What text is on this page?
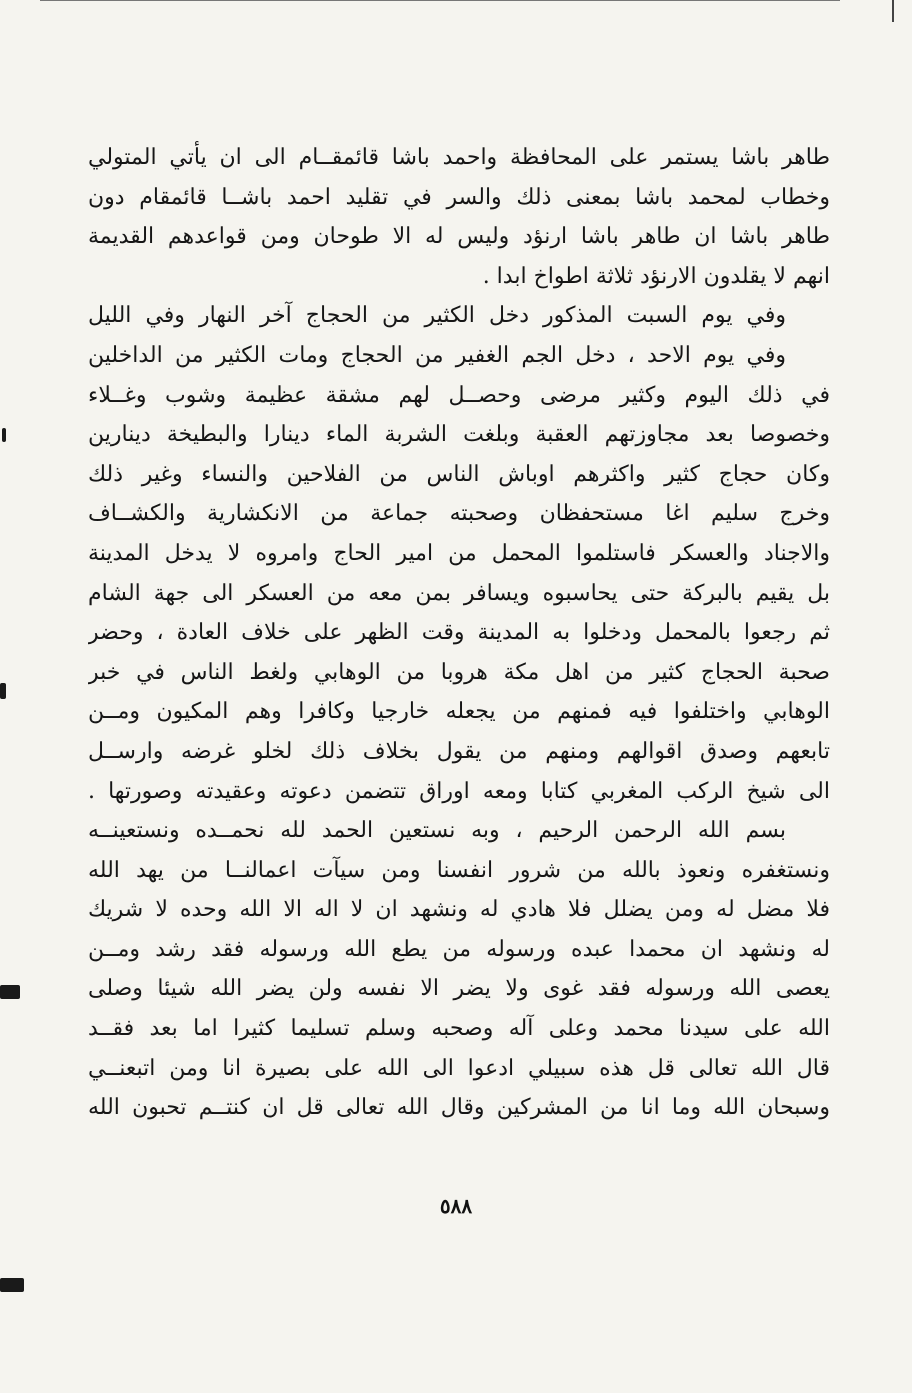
طاهر باشا يستمر على المحافظة واحمد باشا قائمقــام الى ان يأتي المتولي
وخطاب لمحمد باشا بمعنى ذلك والسر في تقليد احمد باشــا قائمقام دون
طاهر باشا ان طاهر باشا ارنؤد وليس له الا طوحان ومن قواعدهم القديمة
انهم لا يقلدون الارنؤد ثلاثة اطواخ ابدا .
وفي يوم السبت المذكور دخل الكثير من الحجاج آخر النهار وفي الليل
وفي يوم الاحد ، دخل الجم الغفير من الحجاج ومات الكثير من الداخلين
في ذلك اليوم وكثير مرضى وحصــل لهم مشقة عظيمة وشوب وغــلاء
وخصوصا بعد مجاوزتهم العقبة وبلغت الشربة الماء دينارا والبطيخة دينارين
وكان حجاج كثير واكثرهم اوباش الناس من الفلاحين والنساء وغير ذلك
وخرج سليم اغا مستحفظان وصحبته جماعة من الانكشارية والكشــاف
والاجناد والعسكر فاستلموا المحمل من امير الحاج وامروه لا يدخل المدينة
بل يقيم بالبركة حتى يحاسبوه ويسافر بمن معه من العسكر الى جهة الشام
ثم رجعوا بالمحمل ودخلوا به المدينة وقت الظهر على خلاف العادة ، وحضر
صحبة الحجاج كثير من اهل مكة هروبا من الوهابي ولغط الناس في خبر
الوهابي واختلفوا فيه فمنهم من يجعله خارجيا وكافرا وهم المكيون ومــن
تابعهم وصدق اقوالهم ومنهم من يقول بخلاف ذلك لخلو غرضه وارســل
الى شيخ الركب المغربي كتابا ومعه اوراق تتضمن دعوته وعقيدته وصورتها .
بسم الله الرحمن الرحيم ، وبه نستعين الحمد لله نحمــده ونستعينــه
ونستغفره ونعوذ بالله من شرور انفسنا ومن سيآت اعمالنــا من يهد الله
فلا مضل له ومن يضلل فلا هادي له ونشهد ان لا اله الا الله وحده لا شريك
له ونشهد ان محمدا عبده ورسوله من يطع الله ورسوله فقد رشد ومــن
يعصى الله ورسوله فقد غوى ولا يضر الا نفسه ولن يضر الله شيئا وصلى
الله على سيدنا محمد وعلى آله وصحبه وسلم تسليما كثيرا اما بعد فقــد
قال الله تعالى قل هذه سبيلي ادعوا الى الله على بصيرة انا ومن اتبعنــي
وسبحان الله وما انا من المشركين وقال الله تعالى قل ان كنتــم تحبون الله
٥٨٨
